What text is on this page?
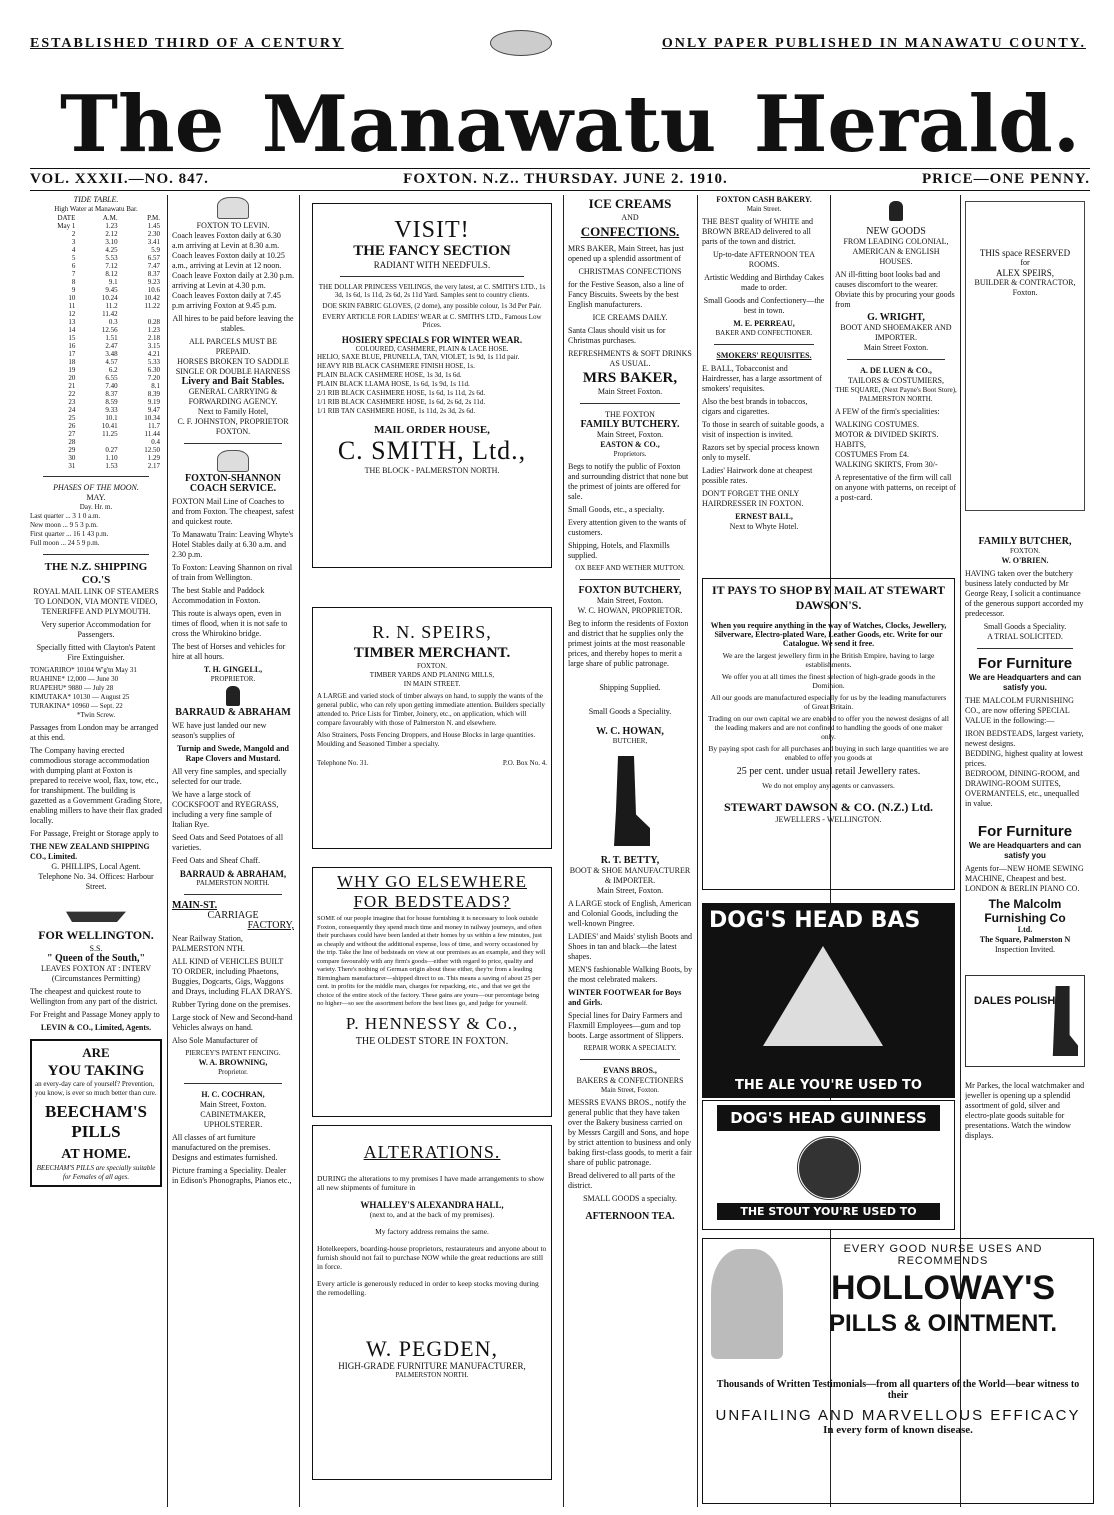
ESTABLISHED THIRD OF A CENTURY	ONLY PAPER PUBLISHED IN MANAWATU COUNTY.
The Manawatu Herald.
VOL. XXXII.—NO. 847.	FOXTON. N.Z.. THURSDAY. JUNE 2. 1910.	PRICE—ONE PENNY.
TIDE TABLE.
High Water at Manawatu Bar.
DATE	A.M.	P.M.
May 1	1.23	1.45
2	2.12	2.30
3	3.10	3.41
4	4.25	5.9
5	5.53	6.57
6	7.12	7.47
7	8.12	8.37
8	9.1	9.23
9	9.45	10.6
10	10.24	10.42
11	11.2	11.22
12	11.42	
13	0.3	0.28
14	12.56	1.23
15	1.51	2.18
16	2.47	3.15
17	3.48	4.21
18	4.57	5.33
19	6.2	6.30
20	6.55	7.20
21	7.40	8.1
22	8.37	8.39
23	8.59	9.19
24	9.33	9.47
25	10.1	10.34
26	10.41	11.7
27	11.25	11.44
28		0.4
29	0.27	12.50
30	1.10	1.29
31	1.53	2.17
PHASES OF THE MOON.
MAY.
Day. Hr. m.
Last quarter ... 3 1 0 a.m.
New moon ... 9 5 3 p.m.
First quarter ... 16 1 43 p.m.
Full moon ... 24 5 9 p.m.
THE N.Z. SHIPPING CO.'S
ROYAL MAIL LINK OF STEAMERS TO LONDON, VIA MONTE VIDEO, TENERIFFE AND PLYMOUTH.
Very superior Accommodation for Passengers.
Specially fitted with Clayton's Patent Fire Extinguisher.
TONGARIRO* 10104 W'g'tn May 31
RUAHINE* 12,000 — June 30
RUAPEHU* 9880 — July 28
KIMUTAKA* 10130 — August 25
TURAKINA* 10960 — Sept. 22
*Twin Screw.
Passages from London may be arranged at this end.
The Company having erected commodious storage accommodation with dumping plant at Foxton is prepared to receive wool, flax, tow, etc., for transhipment. The building is gazetted as a Government Grading Store, enabling millers to have their flax graded locally.
For Passage, Freight or Storage apply to
THE NEW ZEALAND SHIPPING CO., Limited.
G. PHILLIPS, Local Agent.
Telephone No. 34. Offices: Harbour Street.
FOR WELLINGTON.
S.S.
" Queen of the South,"
LEAVES FOXTON AT : INTERV
(Circumstances Permitting)
The cheapest and quickest route to Wellington from any part of the district.
For Freight and Passage Money apply to
LEVIN & CO., Limited, Agents.
ARE
YOU TAKING
an every-day care of yourself? Prevention, you know, is ever so much better than cure.
BEECHAM'S PILLS
AT HOME.
BEECHAM'S PILLS are specially suitable for Females of all ages.
FOXTON TO LEVIN.
Coach leaves Foxton daily at 6.30 a.m arriving at Levin at 8.30 a.m.
Coach leaves Foxton daily at 10.25 a.m., arriving at Levin at 12 noon.
Coach leave Foxton daily at 2.30 p.m. arriving at Levin at 4.30 p.m.
Coach leaves Foxton daily at 7.45 p.m arriving Foxton at 9.45 p.m.
All hires to be paid before leaving the stables.
ALL PARCELS MUST BE PREPAID.
HORSES BROKEN TO SADDLE SINGLE OR DOUBLE HARNESS
Livery and Bait Stables.
GENERAL CARRYING & FORWARDING AGENCY.
Next to Family Hotel,
C. F. JOHNSTON, PROPRIETOR FOXTON.
FOXTON-SHANNON COACH SERVICE.
FOXTON Mail Line of Coaches to and from Foxton. The cheapest, safest and quickest route.
To Manawatu Train: Leaving Whyte's Hotel Stables daily at 6.30 a.m. and 2.30 p.m.
To Foxton: Leaving Shannon on rival of train from Wellington.
The best Stable and Paddock Accommodation in Foxton.
This route is always open, even in times of flood, when it is not safe to cross the Whirokino bridge.
The best of Horses and vehicles for hire at all hours.
T. H. GINGELL,
PROPRIETOR.
BARRAUD & ABRAHAM
WE have just landed our new season's supplies of
Turnip and Swede, Mangold and Rape Clovers and Mustard.
All very fine samples, and specially selected for our trade.
We have a large stock of COCKSFOOT and RYEGRASS, including a very fine sample of Italian Rye.
Seed Oats and Seed Potatoes of all varieties.
Feed Oats and Sheaf Chaff.
BARRAUD & ABRAHAM,
PALMERSTON NORTH.
MAIN-ST.
CARRIAGE
FACTORY,
Near Railway Station, PALMERSTON NTH.
ALL KIND of VEHICLES BUILT TO ORDER, including Phaetons, Buggies, Dogcarts, Gigs, Waggons and Drays, including FLAX DRAYS.
Rubber Tyring done on the premises.
Large stock of New and Second-hand Vehicles always on hand.
Also Sole Manufacturer of
PIERCEY'S PATENT FENCING.
W. A. BROWNING,
Proprietor.
H. C. COCHRAN,
Main Street, Foxton.
CABINETMAKER, UPHOLSTERER.
All classes of art furniture manufactured on the premises. Designs and estimates furnished.
Picture framing a Speciality. Dealer in Edison's Phonographs, Pianos etc.,
VISIT!
THE FANCY SECTION
RADIANT WITH NEEDFULS.
THE DOLLAR PRINCESS VEILINGS, the very latest, at C. SMITH'S LTD., 1s 3d, 1s 6d, 1s 11d, 2s 6d, 2s 11d Yard. Samples sent to country clients.
DOE SKIN FABRIC GLOVES, (2 dome), any possible colour, 1s 3d Per Pair.
EVERY ARTICLE FOR LADIES' WEAR at C. SMITH'S LTD., Famous Low Prices.
HOSIERY SPECIALS FOR WINTER WEAR.
COLOURED, CASHMERE, PLAIN & LACE HOSE.
HELIO, SAXE BLUE, PRUNELLA, TAN, VIOLET, 1s 9d, 1s 11d pair.
HEAVY RIB BLACK CASHMERE FINISH HOSE, 1s.
PLAIN BLACK CASHMERE HOSE, 1s 3d, 1s 6d.
PLAIN BLACK LLAMA HOSE, 1s 6d, 1s 9d, 1s 11d.
2/1 RIB BLACK CASHMERE HOSE, 1s 6d, 1s 11d, 2s 6d.
1/1 RIB BLACK CASHMERE HOSE, 1s 6d, 2s 6d, 2s 11d.
1/1 RIB TAN CASHMERE HOSE, 1s 11d, 2s 3d, 2s 6d.
MAIL ORDER HOUSE,
C. SMITH, Ltd.,
THE BLOCK - PALMERSTON NORTH.
R. N. SPEIRS,
TIMBER MERCHANT.
FOXTON.
TIMBER YARDS AND PLANING MILLS,
IN MAIN STREET.
A LARGE and varied stock of timber always on hand, to supply the wants of the general public, who can rely upon getting immediate attention. Builders specially attended to. Price Lists for Timber, Joinery, etc., on application, which will compare favourably with those of Palmerston N. and elsewhere.
Also Strainers, Posts Fencing Droppers, and House Blocks in large quantities. Moulding and Seasoned Timber a specialty.
Telephone No. 31.	P.O. Box No. 4.
WHY GO ELSEWHERE FOR BEDSTEADS?
SOME of our people imagine that for house furnishing it is necessary to look outside Foxton, consequently they spend much time and money in railway journeys, and often their purchases could have been landed at their homes by us within a few minutes, just as cheaply and without the additional expense, loss of time, and worry occasioned by the trip. Take the line of bedsteads on view at our premises as an example, and they will compare favourably with any firm's goods—either with regard to price, quality and variety. There's nothing of German origin about these either, they're from a leading Birmingham manufacturer—shipped direct to us. This means a saving of about 25 per cent. in profits for the middle man, charges for repacking, etc., and that we get the choice of the entire stock of the factory. These gains are yours—our percentage being no higher—so see the assortment before the best lines go, and judge for yourself.
P. HENNESSY & Co.,
THE OLDEST STORE IN FOXTON.
ALTERATIONS.
DURING the alterations to my premises I have made arrangements to show all new shipments of furniture in
WHALLEY'S ALEXANDRA HALL,
(next to, and at the back of my premises).
My factory address remains the same.
Hotelkeepers, boarding-house proprietors, restaurateurs and anyone about to furnish should not fail to purchase NOW while the great reductions are still in force.
Every article is generously reduced in order to keep stocks moving during the remodelling.
W. PEGDEN,
HIGH-GRADE FURNITURE MANUFACTURER,
PALMERSTON NORTH.
ICE CREAMS
AND
CONFECTIONS.
MRS BAKER, Main Street, has just opened up a splendid assortment of
CHRISTMAS CONFECTIONS
for the Festive Season, also a line of Fancy Biscuits. Sweets by the best English manufacturers.
ICE CREAMS DAILY.
Santa Claus should visit us for Christmas purchases.
REFRESHMENTS & SOFT DRINKS AS USUAL.
MRS BAKER,
Main Street Foxton.
THE FOXTON
FAMILY BUTCHERY.
Main Street, Foxton.
EASTON & CO.,
Proprietors.
Begs to notify the public of Foxton and surrounding district that none but the primest of joints are offered for sale.
Small Goods, etc., a specialty.
Every attention given to the wants of customers.
Shipping, Hotels, and Flaxmills supplied.
OX BEEF AND WETHER MUTTON.
FOXTON BUTCHERY,
Main Street, Foxton.
W. C. HOWAN, PROPRIETOR.
Beg to inform the residents of Foxton and district that he supplies only the primest joints at the most reasonable prices, and thereby hopes to merit a large share of public patronage.
Shipping Supplied.
Small Goods a Speciality.
W. C. HOWAN,
BUTCHER,
R. T. BETTY,
BOOT & SHOE MANUFACTURER & IMPORTER.
Main Street, Foxton.
A LARGE stock of English, American and Colonial Goods, including the well-known Pingree.
LADIES' and Maids' stylish Boots and Shoes in tan and black—the latest shapes.
MEN'S fashionable Walking Boots, by the most celebrated makers.
WINTER FOOTWEAR for Boys and Girls.
Special lines for Dairy Farmers and Flaxmill Employees—gum and top boots. Large assortment of Slippers.
REPAIR WORK A SPECIALTY.
EVANS BROS.,
BAKERS & CONFECTIONERS
Main Street, Foxton.
MESSRS EVANS BROS., notify the general public that they have taken over the Bakery business carried on by Messrs Cargill and Sons, and hope by strict attention to business and only baking first-class goods, to merit a fair share of public patronage.
Bread delivered to all parts of the district.
SMALL GOODS a specialty.
AFTERNOON TEA.
FOXTON CASH BAKERY.
Main Street.
THE BEST quality of WHITE and BROWN BREAD delivered to all parts of the town and district.
Up-to-date AFTERNOON TEA ROOMS.
Artistic Wedding and Birthday Cakes made to order.
Small Goods and Confectionery—the best in town.
M. E. PERREAU,
BAKER AND CONFECTIONER.
SMOKERS' REQUISITES.
E. BALL, Tobacconist and Hairdresser, has a large assortment of smokers' requisites.
Also the best brands in tobaccos, cigars and cigarettes.
To those in search of suitable goods, a visit of inspection is invited.
Razors set by special process known only to myself.
Ladies' Hairwork done at cheapest possible rates.
DON'T FORGET THE ONLY HAIRDRESSER IN FOXTON.
ERNEST BALL,
Next to Whyte Hotel.
NEW GOODS
FROM LEADING COLONIAL, AMERICAN & ENGLISH HOUSES.
AN ill-fitting boot looks bad and causes discomfort to the wearer. Obviate this by procuring your goods from
G. WRIGHT,
BOOT AND SHOEMAKER AND IMPORTER.
Main Street Foxton.
A. DE LUEN & CO.,
TAILORS & COSTUMIERS,
THE SQUARE, (Next Payne's Boot Store), PALMERSTON NORTH.
A FEW of the firm's specialities:
WALKING COSTUMES.
MOTOR & DIVIDED SKIRTS.
HABITS,
COSTUMES From £4.
WALKING SKIRTS, From 30/-
A representative of the firm will call on anyone with patterns, on receipt of a post-card.
IT PAYS TO SHOP BY MAIL AT STEWART DAWSON'S.
When you require anything in the way of Watches, Clocks, Jewellery, Silverware, Electro-plated Ware, Leather Goods, etc. Write for our Catalogue. We send it free.
We are the largest jewellery firm in the British Empire, having to large establishments.
We offer you at all times the finest selection of high-grade goods in the Dominion.
All our goods are manufactured especially for us by the leading manufacturers of Great Britain.
Trading on our own capital we are enabled to offer you the newest designs of all the leading makers and are not confined to handling the goods of one maker only.
By paying spot cash for all purchases and buying in such large quantities we are enabled to offer you goods at
25 per cent. under usual retail Jewellery rates.
We do not employ any agents or canvassers.
STEWART DAWSON & CO. (N.Z.) Ltd.
JEWELLERS - WELLINGTON.
DOG'S HEAD BAS
THE ALE YOU'RE USED TO
DOG'S HEAD GUINNESS
THE STOUT YOU'RE USED TO
EVERY GOOD NURSE USES AND RECOMMENDS
HOLLOWAY'S
PILLS & OINTMENT.
Thousands of Written Testimonials—from all quarters of the World—bear witness to their
UNFAILING AND MARVELLOUS EFFICACY
In every form of known disease.
THIS space RESERVED
for
ALEX SPEIRS,
BUILDER & CONTRACTOR,
Foxton.
FAMILY BUTCHER,
FOXTON.
W. O'BRIEN.
HAVING taken over the butchery business lately conducted by Mr George Reay, I solicit a continuance of the generous support accorded my predecessor.
Small Goods a Speciality.
A TRIAL SOLICITED.
For Furniture
We are Headquarters and can satisfy you.
THE MALCOLM FURNISHING CO., are now offering SPECIAL VALUE in the following:—
IRON BEDSTEADS, largest variety, newest designs.
BEDDING, highest quality at lowest prices.
BEDROOM, DINING-ROOM, and DRAWING-ROOM SUITES, OVERMANTELS, etc., unequalled in value.
For Furniture
We are Headquarters and can satisfy you
Agents for—NEW HOME SEWING MACHINE, Cheapest and best. LONDON & BERLIN PIANO CO.
The Malcolm Furnishing Co
Ltd.
The Square, Palmerston N
Inspection Invited.
DALES POLISH
Mr Parkes, the local watchmaker and jeweller is opening up a splendid assortment of gold, silver and electro-plate goods suitable for presentations. Watch the window displays.
